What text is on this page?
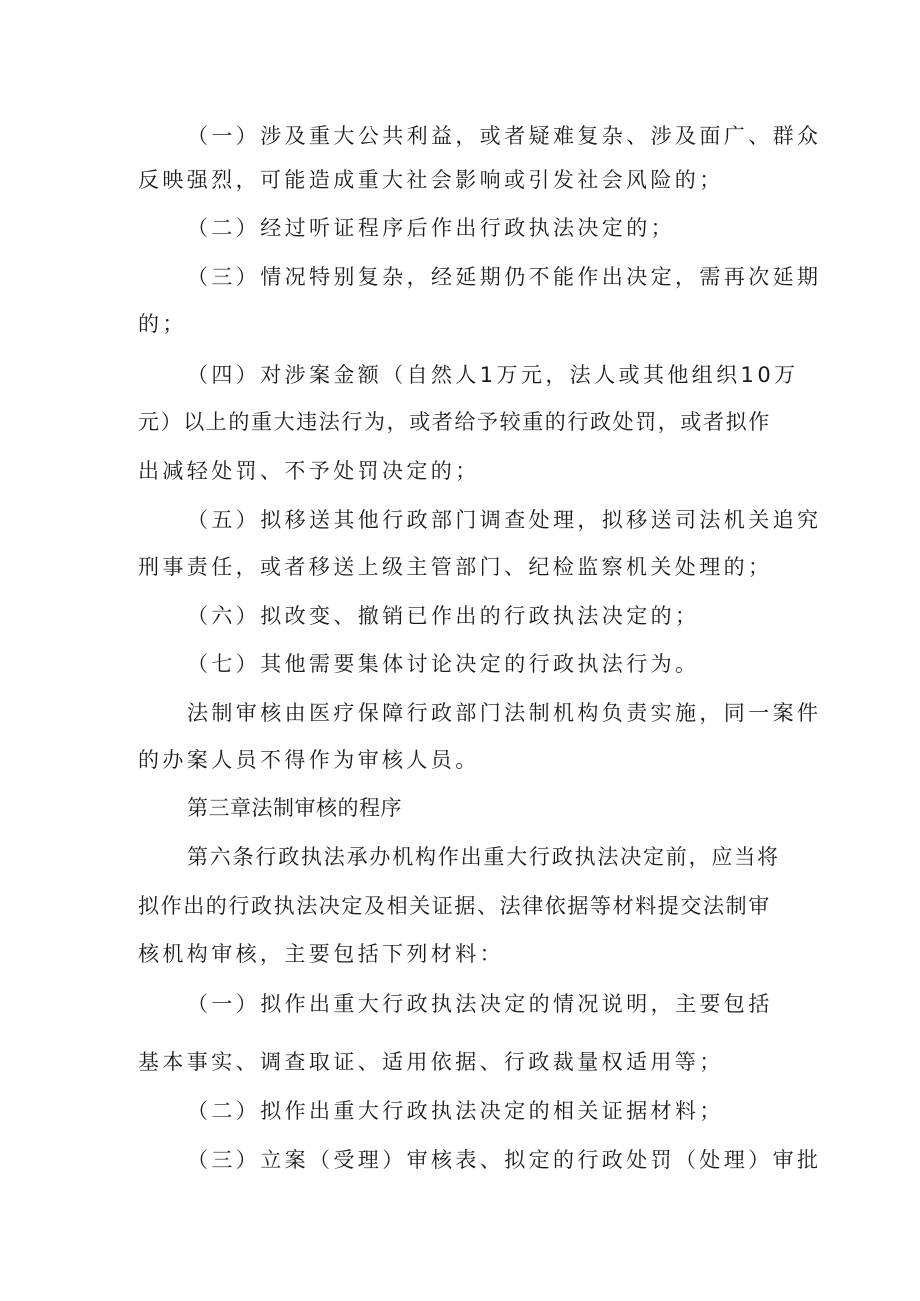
（一）涉及重大公共利益，或者疑难复杂、涉及面广、群众
反映强烈，可能造成重大社会影响或引发社会风险的；
（二）经过听证程序后作出行政执法决定的；
（三）情况特别复杂，经延期仍不能作出决定，需再次延期
的；
（四）对涉案金额（自然人1万元，法人或其他组织10万
元）以上的重大违法行为，或者给予较重的行政处罚，或者拟作
出减轻处罚、不予处罚决定的；
（五）拟移送其他行政部门调查处理，拟移送司法机关追究
刑事责任，或者移送上级主管部门、纪检监察机关处理的；
（六）拟改变、撤销已作出的行政执法决定的；
（七）其他需要集体讨论决定的行政执法行为。
法制审核由医疗保障行政部门法制机构负责实施，同一案件
的办案人员不得作为审核人员。
第三章法制审核的程序
第六条行政执法承办机构作出重大行政执法决定前，应当将
拟作出的行政执法决定及相关证据、法律依据等材料提交法制审
核机构审核，主要包括下列材料：
（一）拟作出重大行政执法决定的情况说明，主要包括
基本事实、调查取证、适用依据、行政裁量权适用等；
（二）拟作出重大行政执法决定的相关证据材料；
（三）立案（受理）审核表、拟定的行政处罚（处理）审批
